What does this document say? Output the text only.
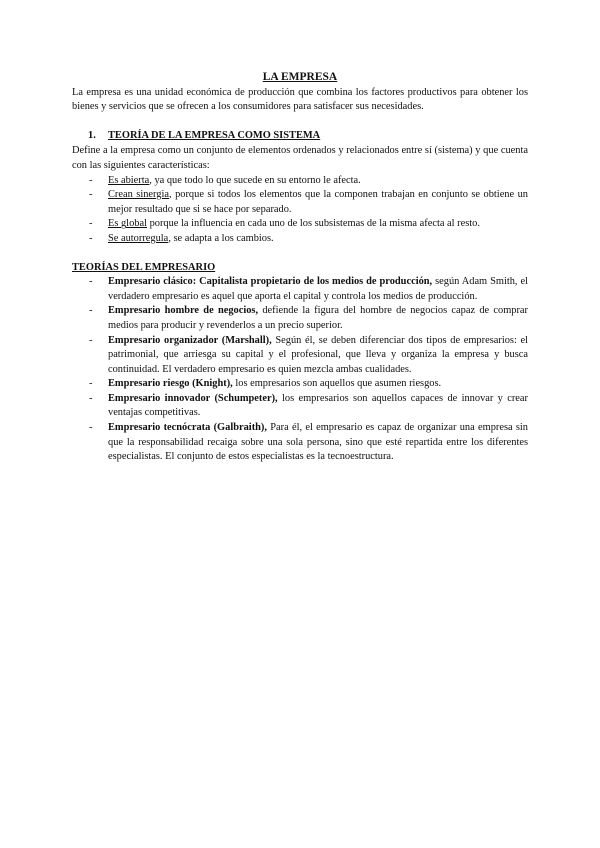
LA EMPRESA

La empresa es una unidad económica de producción que combina los factores productivos para obtener los bienes y servicios que se ofrecen a los consumidores para satisfacer sus necesidades.

1. TEORÍA DE LA EMPRESA COMO SISTEMA

Define a la empresa como un conjunto de elementos ordenados y relacionados entre sí (sistema) y que cuenta con las siguientes características:

- Es abierta, ya que todo lo que sucede en su entorno le afecta.
- Crean sinergia, porque si todos los elementos que la componen trabajan en conjunto se obtiene un mejor resultado que si se hace por separado.
- Es global porque la influencia en cada uno de los subsistemas de la misma afecta al resto.
- Se autorregula, se adapta a los cambios.
TEORÍAS DEL EMPRESARIO
- Empresario clásico: Capitalista propietario de los medios de producción, según Adam Smith, el verdadero empresario es aquel que aporta el capital y controla los medios de producción.
- Empresario hombre de negocios, defiende la figura del hombre de negocios capaz de comprar medios para producir y revenderlos a un precio superior.
- Empresario organizador (Marshall), Según él, se deben diferenciar dos tipos de empresarios: el patrimonial, que arriesga su capital y el profesional, que lleva y organiza la empresa y busca continuidad. El verdadero empresario es quien mezcla ambas cualidades.
- Empresario riesgo (Knight), los empresarios son aquellos que asumen riesgos.
- Empresario innovador (Schumpeter), los empresarios son aquellos capaces de innovar y crear ventajas competitivas.
- Empresario tecnócrata (Galbraith), Para él, el empresario es capaz de organizar una empresa sin que la responsabilidad recaiga sobre una sola persona, sino que esté repartida entre los diferentes especialistas. El conjunto de estos especialistas es la tecnoestructura.
